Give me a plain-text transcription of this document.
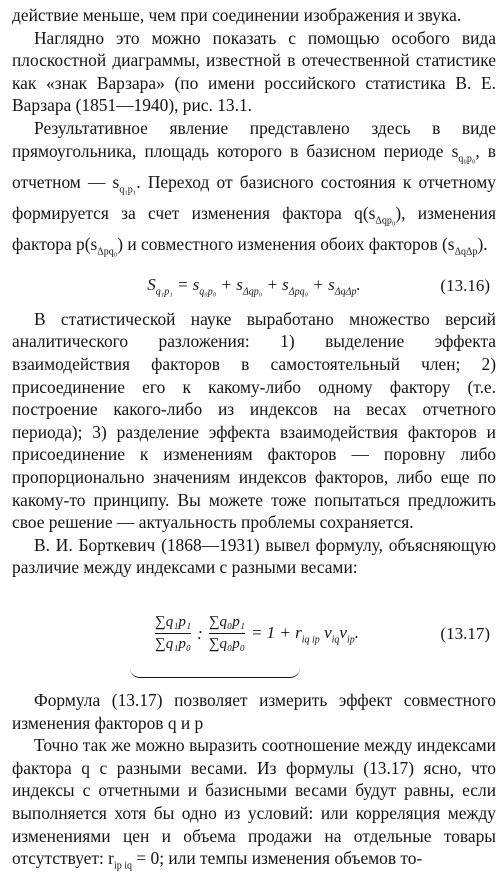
действие меньше, чем при соединении изображения и звука.

Наглядно это можно показать с помощью особого вида плоскостной диаграммы, известной в отечественной статистике как «знак Варзара» (по имени российского статистика В. Е. Варзара (1851—1940), рис. 13.1.

Результативное явление представлено здесь в виде прямоугольника, площадь которого в базисном периоде $s_{q_0p_0}$, в отчетном — $s_{q_1p_1}$. Переход от базисного состояния к отчетному формируется за счет изменения фактора $q(s_{\Delta qp_0})$, изменения фактора $p(s_{\Delta pq_0})$ и совместного изменения обоих факторов $(s_{\Delta q\Delta p})$.

$S_{q_1p_1} = s_{q_0p_0} + s_{\Delta qp_0} + s_{\Delta pq_0} + s_{\Delta q\Delta p}$.	(13.16)

В статистической науке выработано множество версий аналитического разложения: 1) выделение эффекта взаимодействия факторов в самостоятельный член; 2) присоединение его к какому-либо одному фактору (т.е. построение какого-либо из индексов на весах отчетного периода); 3) разделение эффекта взаимодействия факторов и присоединение к изменениям факторов — поровну либо пропорционально значениям индексов факторов, либо еще по какому-то принципу. Вы можете тоже попытаться предложить свое решение — актуальность проблемы сохраняется.

В. И. Борткевич (1868—1931) вывел формулу, объясняющую различие между индексами с разными весами:

$\frac{\text{∑q₁p₁}}{\text{∑q₁p₀}}$ : $\frac{\text{∑q₀p₁}}{\text{∑q₀p₀}} = 1 + r_{iq ip}$ $v_{iq}v_{ip}$.	(13.17)

Формула (13.17) позволяет измерить эффект совместного изменения факторов q и p

Точно так же можно выразить соотношение между индексами фактора q с разными весами. Из формулы (13.17) ясно, что индексы с отчетными и базисными весами будут равны, если выполняется хотя бы одно из условий: или корреляция между изменениями цен и объема продажи на отдельные товары отсутствует: $r_{ip iq} = 0$; или темпы изменения объемов то-
